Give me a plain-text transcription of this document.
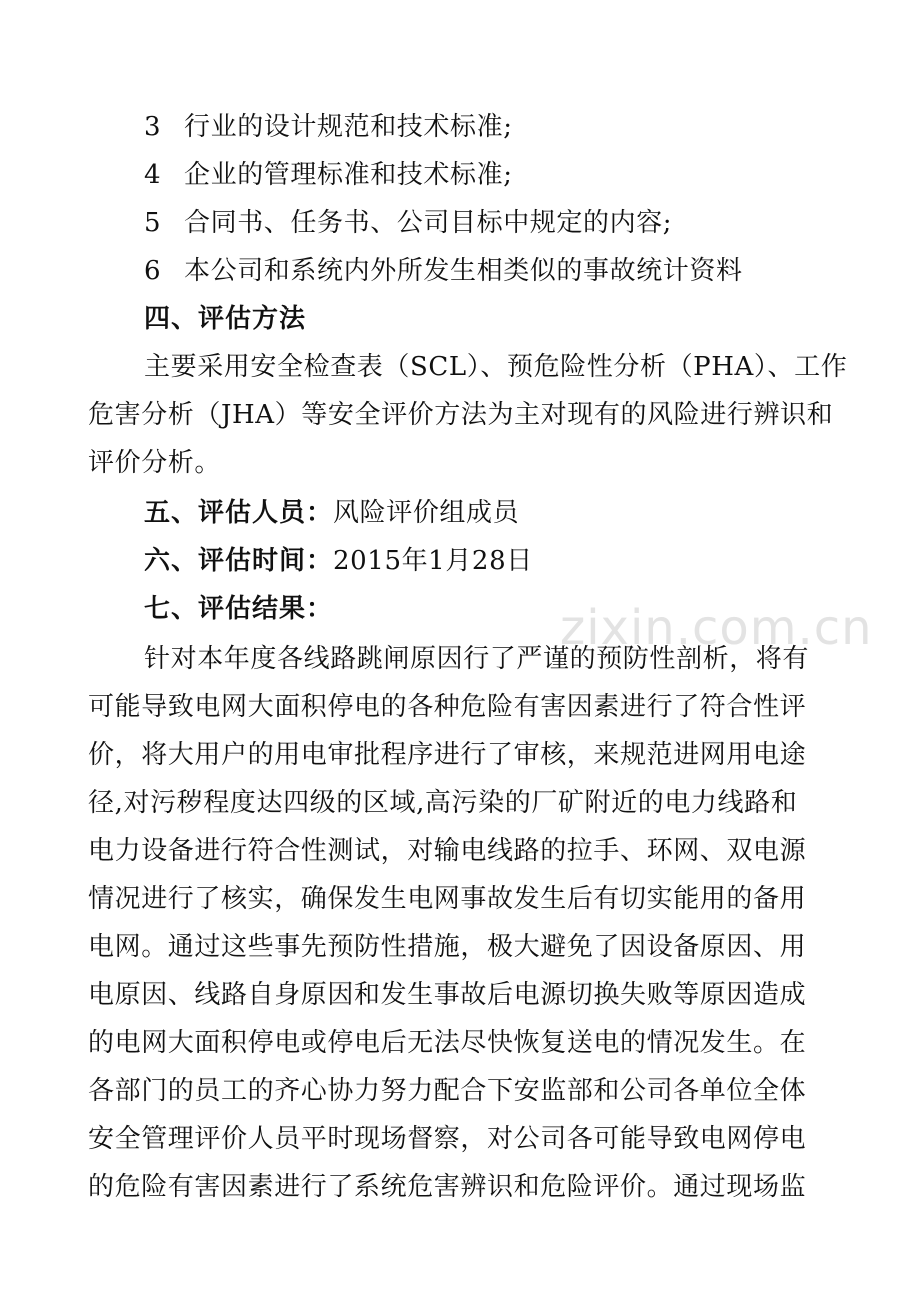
3 行业的设计规范和技术标准;
4 企业的管理标准和技术标准;
5 合同书、任务书、公司目标中规定的内容;
6 本公司和系统内外所发生相类似的事故统计资料
四、评估方法
主要采用安全检查表（SCL）、预危险性分析（PHA）、工作
危害分析（JHA）等安全评价方法为主对现有的风险进行辨识和
评价分析。
五、评估人员：风险评价组成员
六、评估时间：2015年1月28日
七、评估结果：
针对本年度各线路跳闸原因行了严谨的预防性剖析，将有
可能导致电网大面积停电的各种危险有害因素进行了符合性评
价，将大用户的用电审批程序进行了审核，来规范进网用电途
径,对污秽程度达四级的区域,高污染的厂矿附近的电力线路和
电力设备进行符合性测试，对输电线路的拉手、环网、双电源
情况进行了核实，确保发生电网事故发生后有切实能用的备用
电网。通过这些事先预防性措施，极大避免了因设备原因、用
电原因、线路自身原因和发生事故后电源切换失败等原因造成
的电网大面积停电或停电后无法尽快恢复送电的情况发生。在
各部门的员工的齐心协力努力配合下安监部和公司各单位全体
安全管理评价人员平时现场督察，对公司各可能导致电网停电
的危险有害因素进行了系统危害辨识和危险评价。通过现场监
zixin.com.cn
